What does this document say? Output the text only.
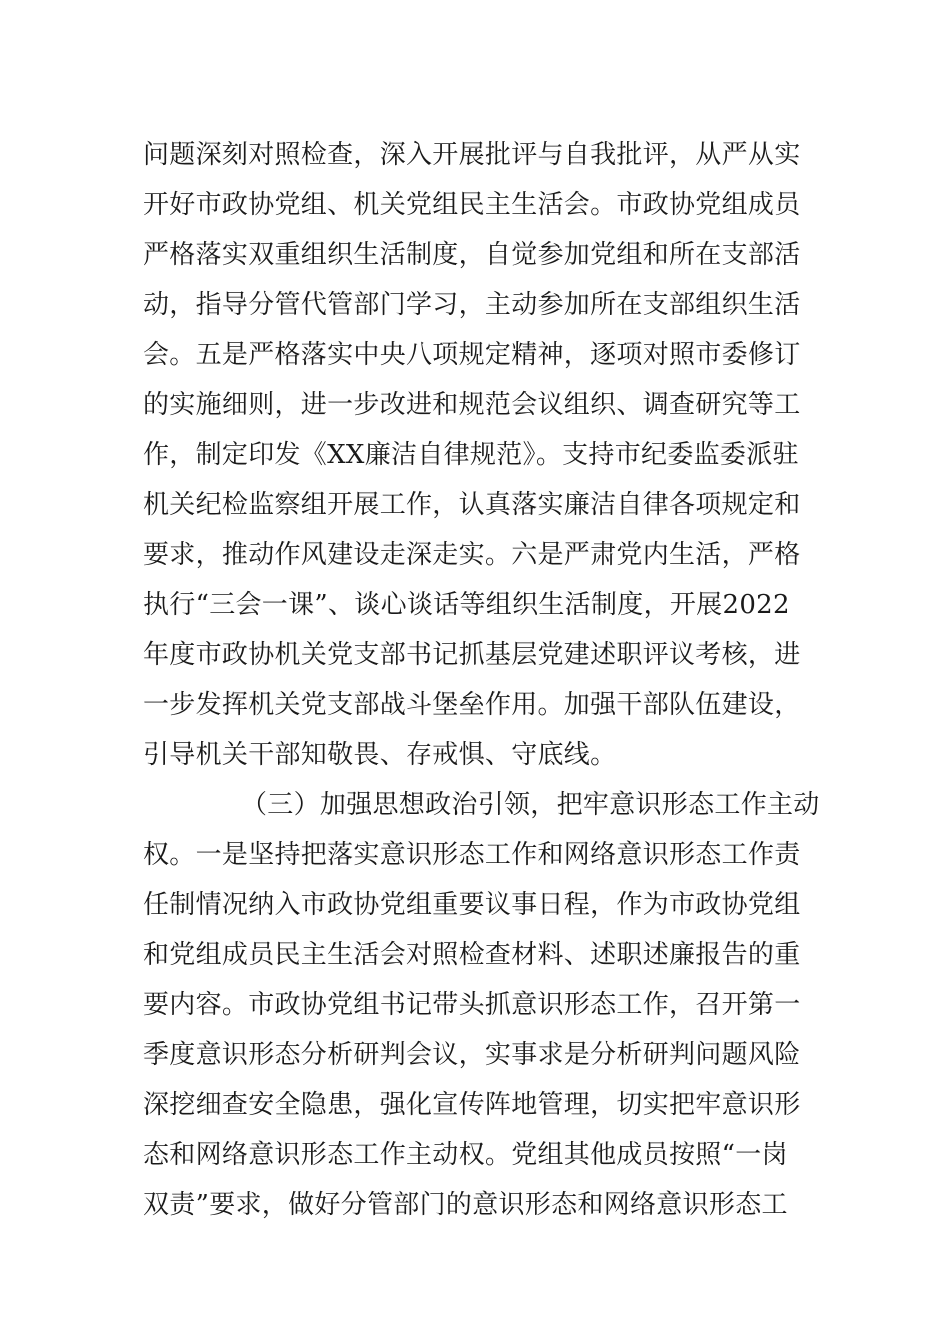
问题深刻对照检查，深入开展批评与自我批评，从严从实
开好市政协党组、机关党组民主生活会。市政协党组成员
严格落实双重组织生活制度，自觉参加党组和所在支部活
动，指导分管代管部门学习，主动参加所在支部组织生活
会。五是严格落实中央八项规定精神，逐项对照市委修订
的实施细则，进一步改进和规范会议组织、调查研究等工
作，制定印发《XX廉洁自律规范》。支持市纪委监委派驻
机关纪检监察组开展工作，认真落实廉洁自律各项规定和
要求，推动作风建设走深走实。六是严肃党内生活，严格
执行“三会一课”、谈心谈话等组织生活制度，开展2022
年度市政协机关党支部书记抓基层党建述职评议考核，进
一步发挥机关党支部战斗堡垒作用。加强干部队伍建设，
引导机关干部知敬畏、存戒惧、守底线。
（三）加强思想政治引领，把牢意识形态工作主动
权。一是坚持把落实意识形态工作和网络意识形态工作责
任制情况纳入市政协党组重要议事日程，作为市政协党组
和党组成员民主生活会对照检查材料、述职述廉报告的重
要内容。市政协党组书记带头抓意识形态工作，召开第一
季度意识形态分析研判会议，实事求是分析研判问题风险
深挖细查安全隐患，强化宣传阵地管理，切实把牢意识形
态和网络意识形态工作主动权。党组其他成员按照“一岗
双责”要求，做好分管部门的意识形态和网络意识形态工
